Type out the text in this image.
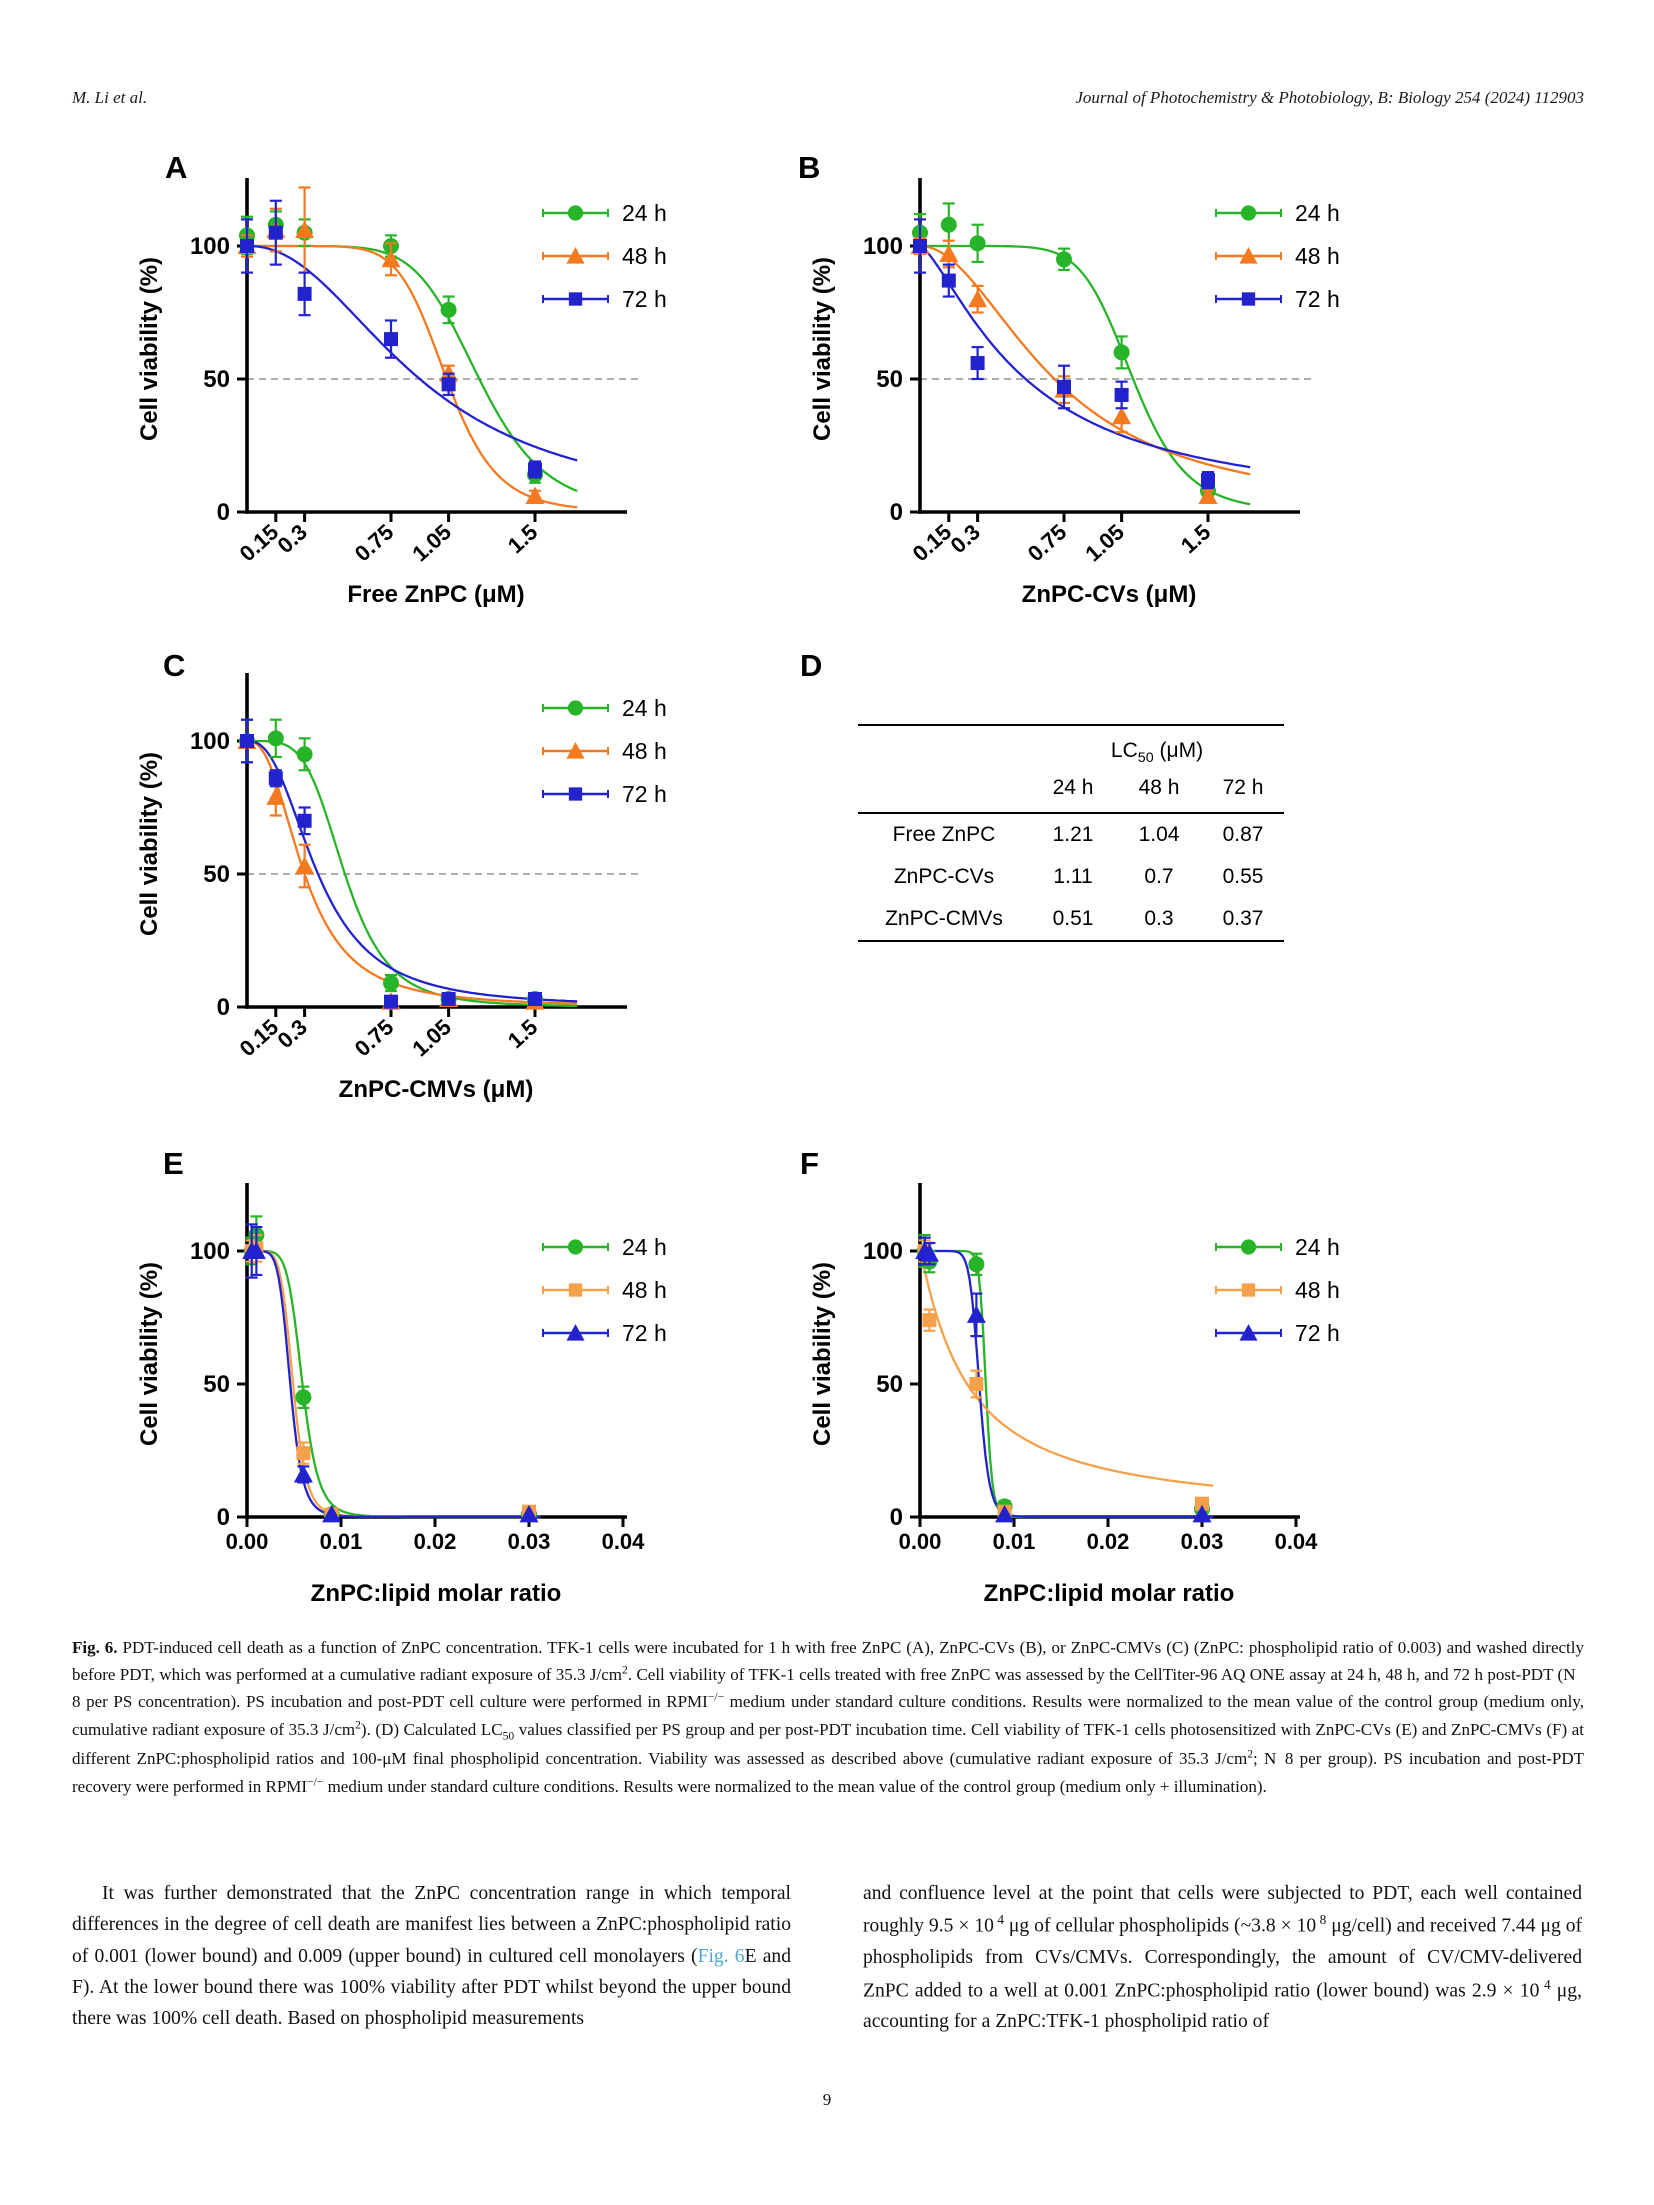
M. Li et al.	Journal of Photochemistry & Photobiology, B: Biology 254 (2024) 112903
A	B
C	D
E	F
0
50
100
0.15
0.3 0.75 1.05 1.5
Free ZnPC (μM)
Cell viability (%)
24 h
48 h
72 h
0
50
100
0.15
0.3 0.75 1.05 1.5
ZnPC-CVs (μM)
Cell viability (%)
24 h
48 h
72 h
0
50
100
0.15
0.3 0.75 1.05 1.5
ZnPC-CMVs (μM)
Cell viability (%)
24 h
48 h
72 h
0
50
100
0.00 0.01 0.02 0.03 0.04
ZnPC:lipid molar ratio
Cell viability (%)
24 h
48 h
72 h
0
50
100
0.00 0.01 0.02 0.03 0.04
ZnPC:lipid molar ratio
Cell viability (%)
24 h
48 h
72 h
$LC_{50}$ (μM)
24 h	48 h	72 h
Free ZnPC	1.21	1.04	0.87
ZnPC-CVs	1.11	0.7	0.55
ZnPC-CMVs	0.51	0.3	0.37
Fig. 6. PDT-induced cell death as a function of ZnPC concentration. TFK-1 cells were incubated for 1 h with free ZnPC (A), ZnPC-CVs (B), or ZnPC-CMVs (C) (ZnPC: phospholipid ratio of 0.003) and washed directly before PDT, which was performed at a cumulative radiant exposure of 35.3 $J/cm^2$. Cell viability of TFK-1 cells treated with free ZnPC was assessed by the CellTiter-96 AQ ONE assay at 24 h, 48 h, and 72 h post-PDT (N 8 per PS concentration). PS incubation and post-PDT cell culture were performed in RPMI−/− medium under standard culture conditions. Results were normalized to the mean value of the control group (medium only, cumulative radiant exposure of 35.3 $J/cm^2$). (D) Calculated $LC_{50}$ values classified per PS group and per post-PDT incubation time. Cell viability of TFK-1 cells photosensitized with ZnPC-CVs (E) and ZnPC-CMVs (F) at different ZnPC:phospholipid ratios and 100-μM final phospholipid concentration. Viability was assessed as described above (cumulative radiant exposure of 35.3 $J/cm^2$; N 8 per group). PS incubation and post-PDT recovery were performed in RPMI−/− medium under standard culture conditions. Results were normalized to the mean value of the control group (medium only + illumination).
It was further demonstrated that the ZnPC concentration range in which temporal differences in the degree of cell death are manifest lies between a ZnPC:phospholipid ratio of 0.001 (lower bound) and 0.009 (upper bound) in cultured cell monolayers (Fig. 6E and F). At the lower bound there was 100% viability after PDT whilst beyond the upper bound there was 100% cell death. Based on phospholipid measurements
and confluence level at the point that cells were subjected to PDT, each well contained roughly 9.5 × 10 $^4$ μg of cellular phospholipids (~3.8 × 10 $^8$ μg/cell) and received 7.44 μg of phospholipids from CVs/CMVs. Correspondingly, the amount of CV/CMV-delivered ZnPC added to a well at 0.001 ZnPC:phospholipid ratio (lower bound) was 2.9 × 10 $^4$ μg, accounting for a ZnPC:TFK-1 phospholipid ratio of
9
